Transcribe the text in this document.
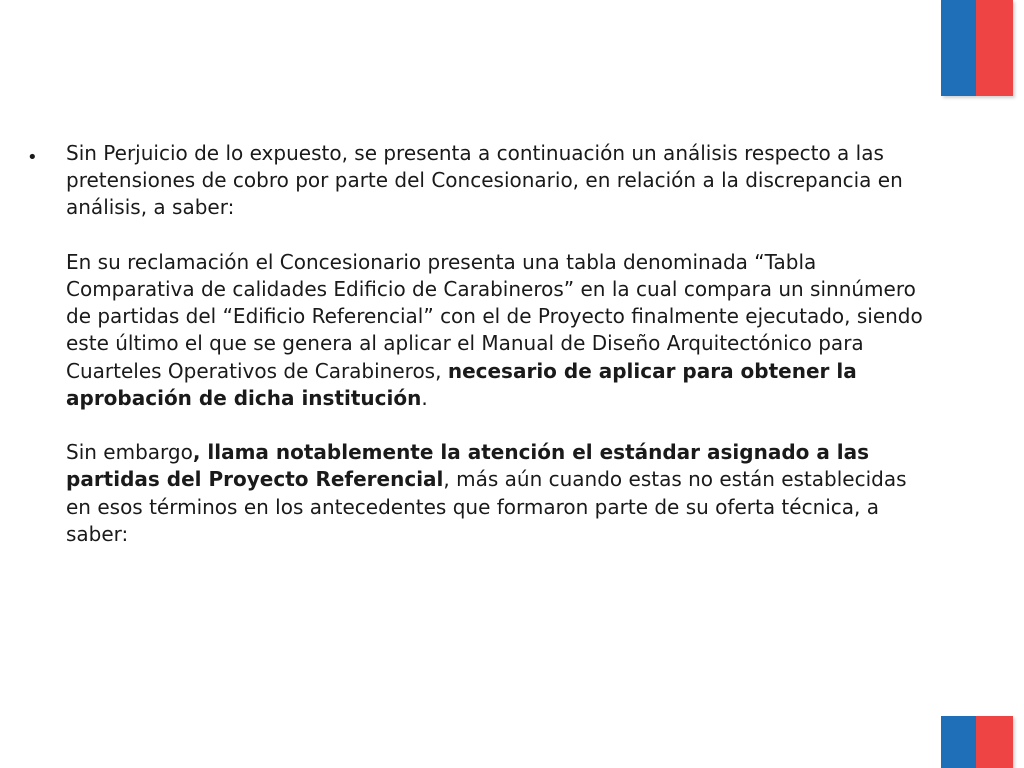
• Sin Perjuicio de lo expuesto, se presenta a continuación un análisis respecto a las pretensiones de cobro por parte del Concesionario, en relación a la discrepancia en análisis, a saber:

En su reclamación el Concesionario presenta una tabla denominada “Tabla Comparativa de calidades Edificio de Carabineros” en la cual compara un sinnúmero de partidas del “Edificio Referencial” con el de Proyecto finalmente ejecutado, siendo este último el que se genera al aplicar el Manual de Diseño Arquitectónico para Cuarteles Operativos de Carabineros, necesario de aplicar para obtener la aprobación de dicha institución.

Sin embargo, llama notablemente la atención el estándar asignado a las partidas del Proyecto Referencial, más aún cuando estas no están establecidas en esos términos en los antecedentes que formaron parte de su oferta técnica, a saber:
